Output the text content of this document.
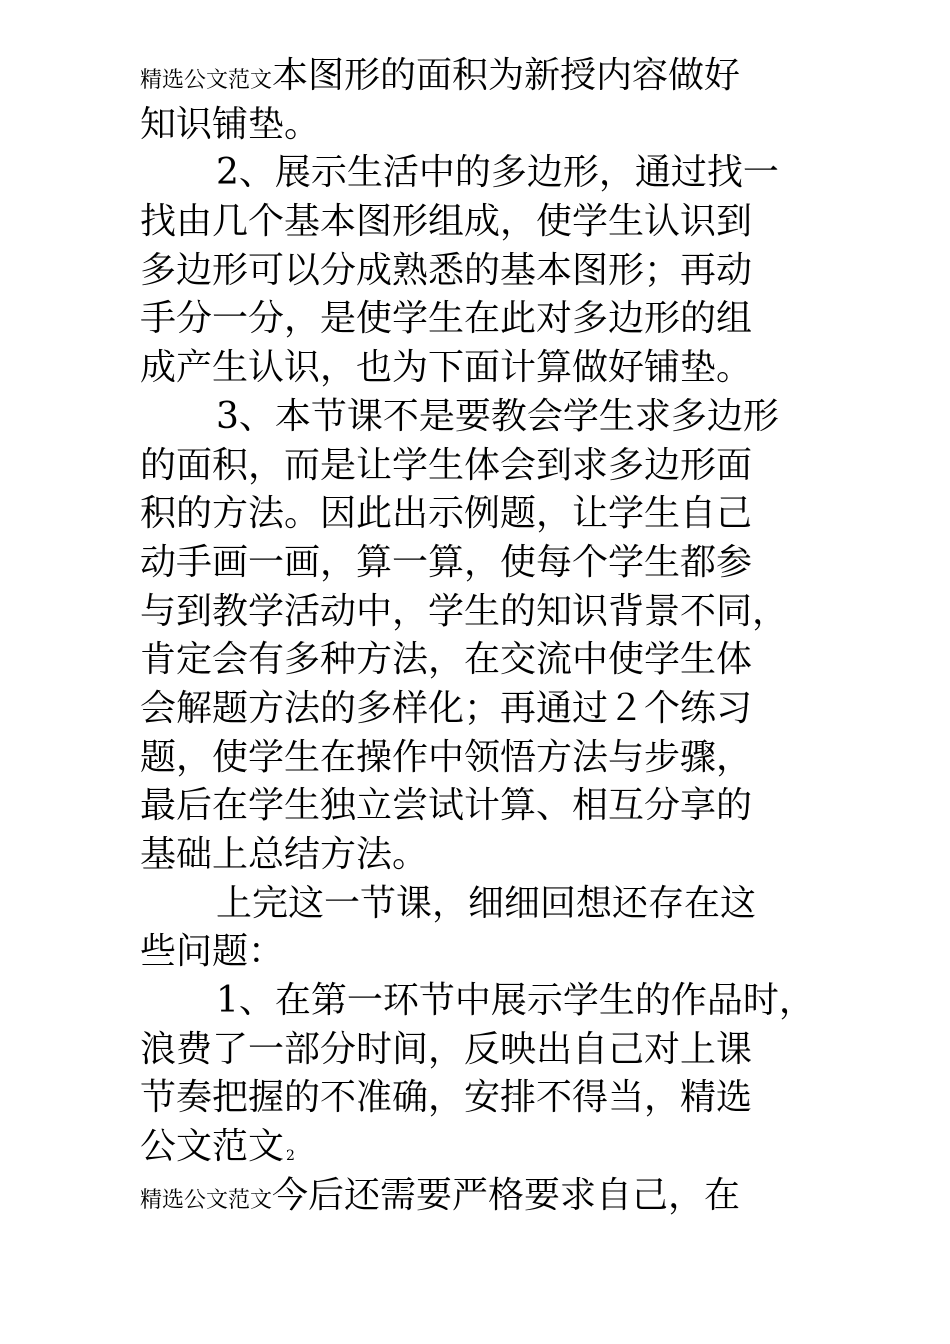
精选公文范文本图形的面积为新授内容做好
知识铺垫。
2、展示生活中的多边形，通过找一
找由几个基本图形组成，使学生认识到
多边形可以分成熟悉的基本图形；再动
手分一分，是使学生在此对多边形的组
成产生认识，也为下面计算做好铺垫。
3、本节课不是要教会学生求多边形
的面积，而是让学生体会到求多边形面
积的方法。因此出示例题，让学生自己
动手画一画，算一算，使每个学生都参
与到教学活动中，学生的知识背景不同，
肯定会有多种方法，在交流中使学生体
会解题方法的多样化；再通过２个练习
题，使学生在操作中领悟方法与步骤，
最后在学生独立尝试计算、相互分享的
基础上总结方法。
上完这一节课，细细回想还存在这
些问题：
1、在第一环节中展示学生的作品时，
浪费了一部分时间，反映出自己对上课
节奏把握的不准确，安排不得当，精选
公文范文 2
精选公文范文今后还需要严格要求自己，在
